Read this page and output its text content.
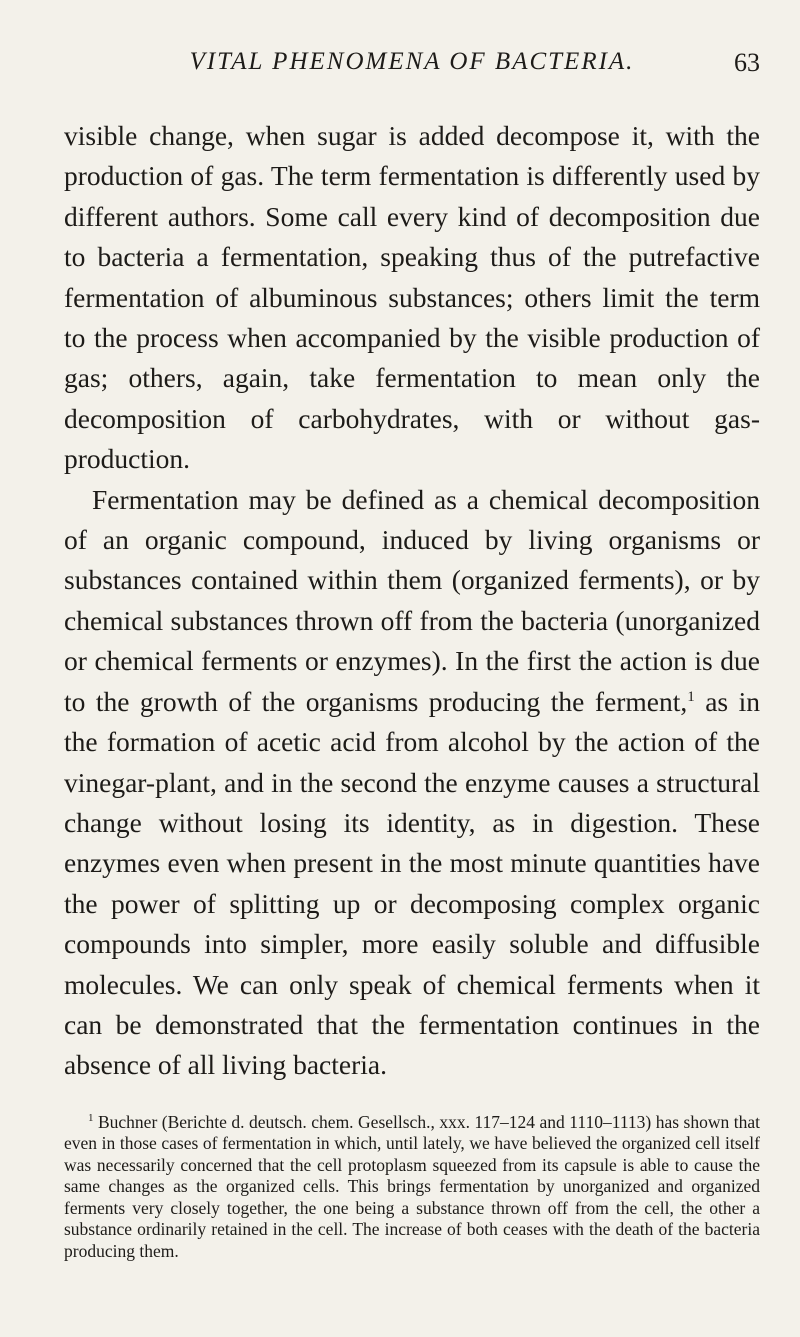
VITAL PHENOMENA OF BACTERIA.	63

visible change, when sugar is added decompose it, with the production of gas. The term fermentation is differently used by different authors. Some call every kind of decomposition due to bacteria a fermentation, speaking thus of the putrefactive fermentation of albuminous substances; others limit the term to the process when accompanied by the visible production of gas; others, again, take fermentation to mean only the decomposition of carbohydrates, with or without gas-production.

Fermentation may be defined as a chemical decomposition of an organic compound, induced by living organisms or substances contained within them (organized ferments), or by chemical substances thrown off from the bacteria (unorganized or chemical ferments or enzymes). In the first the action is due to the growth of the organisms producing the ferment,$^1$ as in the formation of acetic acid from alcohol by the action of the vinegar-plant, and in the second the enzyme causes a structural change without losing its identity, as in digestion. These enzymes even when present in the most minute quantities have the power of splitting up or decomposing complex organic compounds into simpler, more easily soluble and diffusible molecules. We can only speak of chemical ferments when it can be demonstrated that the fermentation continues in the absence of all living bacteria.

$^1$ Buchner (Berichte d. deutsch. chem. Gesellsch., xxx. 117–124 and 1110–1113) has shown that even in those cases of fermentation in which, until lately, we have believed the organized cell itself was necessarily concerned that the cell protoplasm squeezed from its capsule is able to cause the same changes as the organized cells. This brings fermentation by unorganized and organized ferments very closely together, the one being a substance thrown off from the cell, the other a substance ordinarily retained in the cell. The increase of both ceases with the death of the bacteria producing them.
